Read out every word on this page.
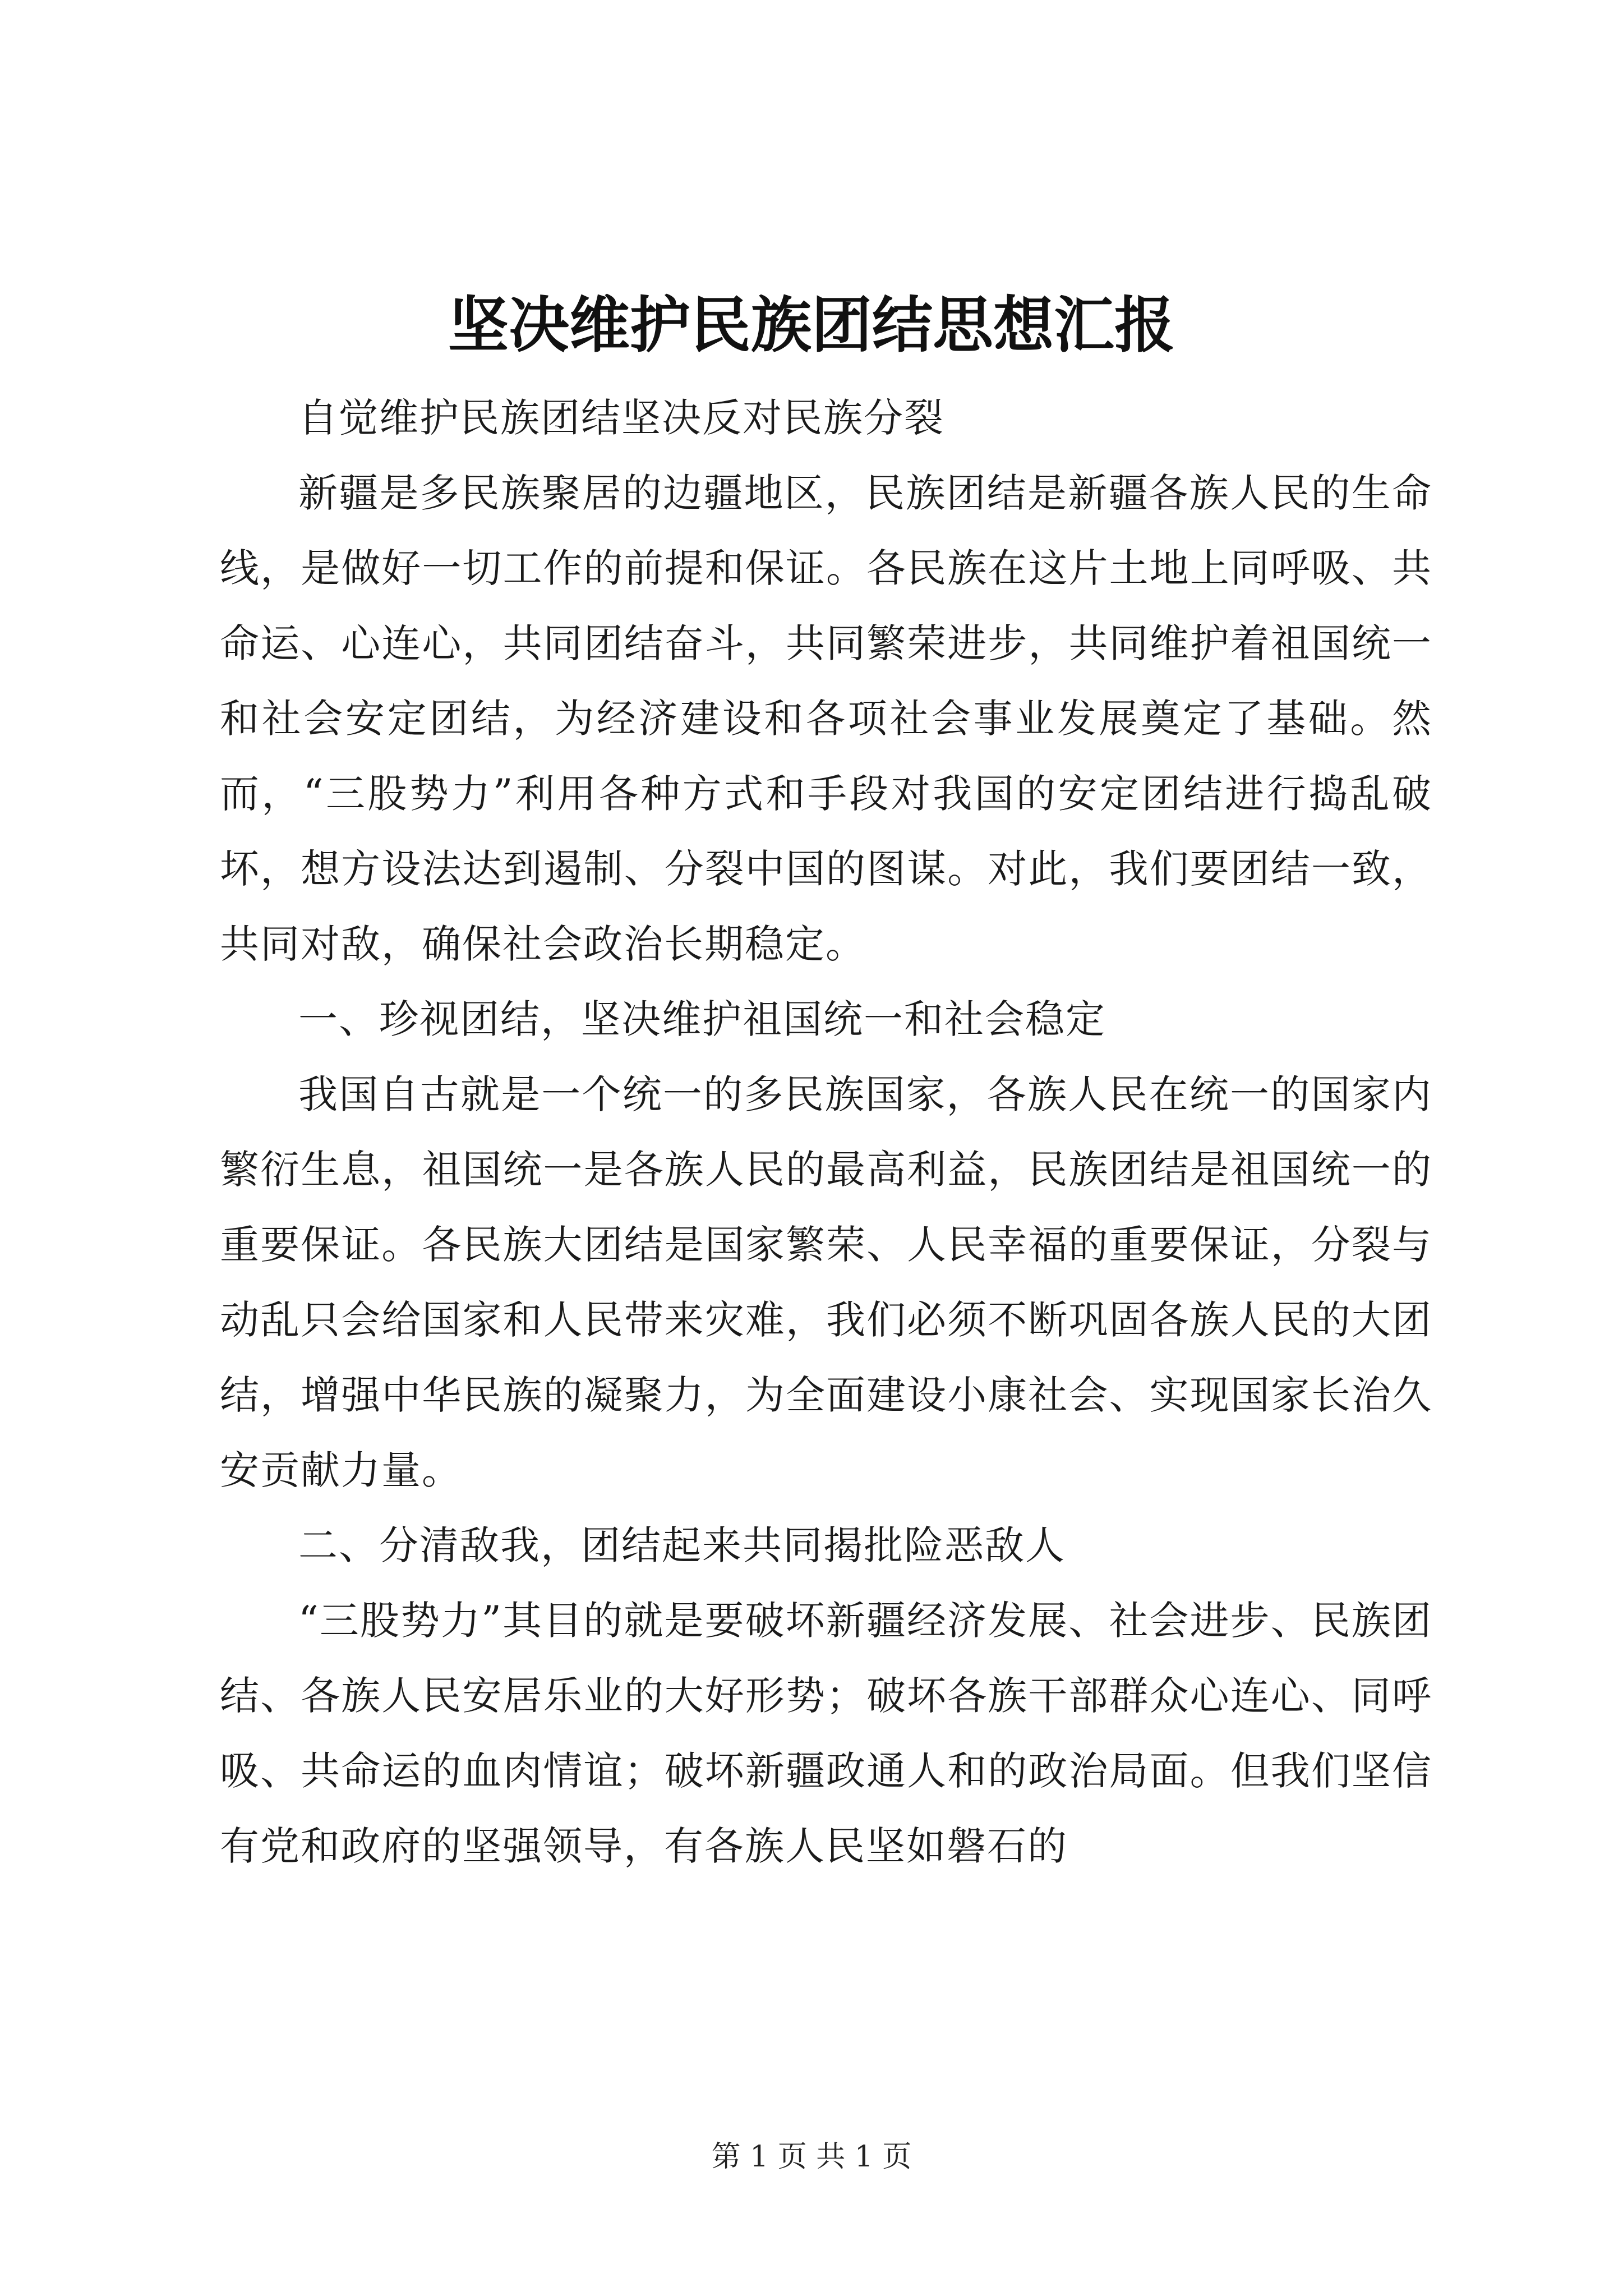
坚决维护民族团结思想汇报

自觉维护民族团结坚决反对民族分裂

新疆是多民族聚居的边疆地区，民族团结是新疆各族人民的生命线，是做好一切工作的前提和保证。各民族在这片土地上同呼吸、共命运、心连心，共同团结奋斗，共同繁荣进步，共同维护着祖国统一和社会安定团结，为经济建设和各项社会事业发展奠定了基础。然而，“三股势力”利用各种方式和手段对我国的安定团结进行捣乱破坏，想方设法达到遏制、分裂中国的图谋。对此，我们要团结一致，共同对敌，确保社会政治长期稳定。

一、珍视团结，坚决维护祖国统一和社会稳定

我国自古就是一个统一的多民族国家，各族人民在统一的国家内繁衍生息，祖国统一是各族人民的最高利益，民族团结是祖国统一的重要保证。各民族大团结是国家繁荣、人民幸福的重要保证，分裂与动乱只会给国家和人民带来灾难，我们必须不断巩固各族人民的大团结，增强中华民族的凝聚力，为全面建设小康社会、实现国家长治久安贡献力量。

二、分清敌我，团结起来共同揭批险恶敌人

“三股势力”其目的就是要破坏新疆经济发展、社会进步、民族团结、各族人民安居乐业的大好形势；破坏各族干部群众心连心、同呼吸、共命运的血肉情谊；破坏新疆政通人和的政治局面。但我们坚信有党和政府的坚强领导，有各族人民坚如磐石的

第 1 页 共 1 页
